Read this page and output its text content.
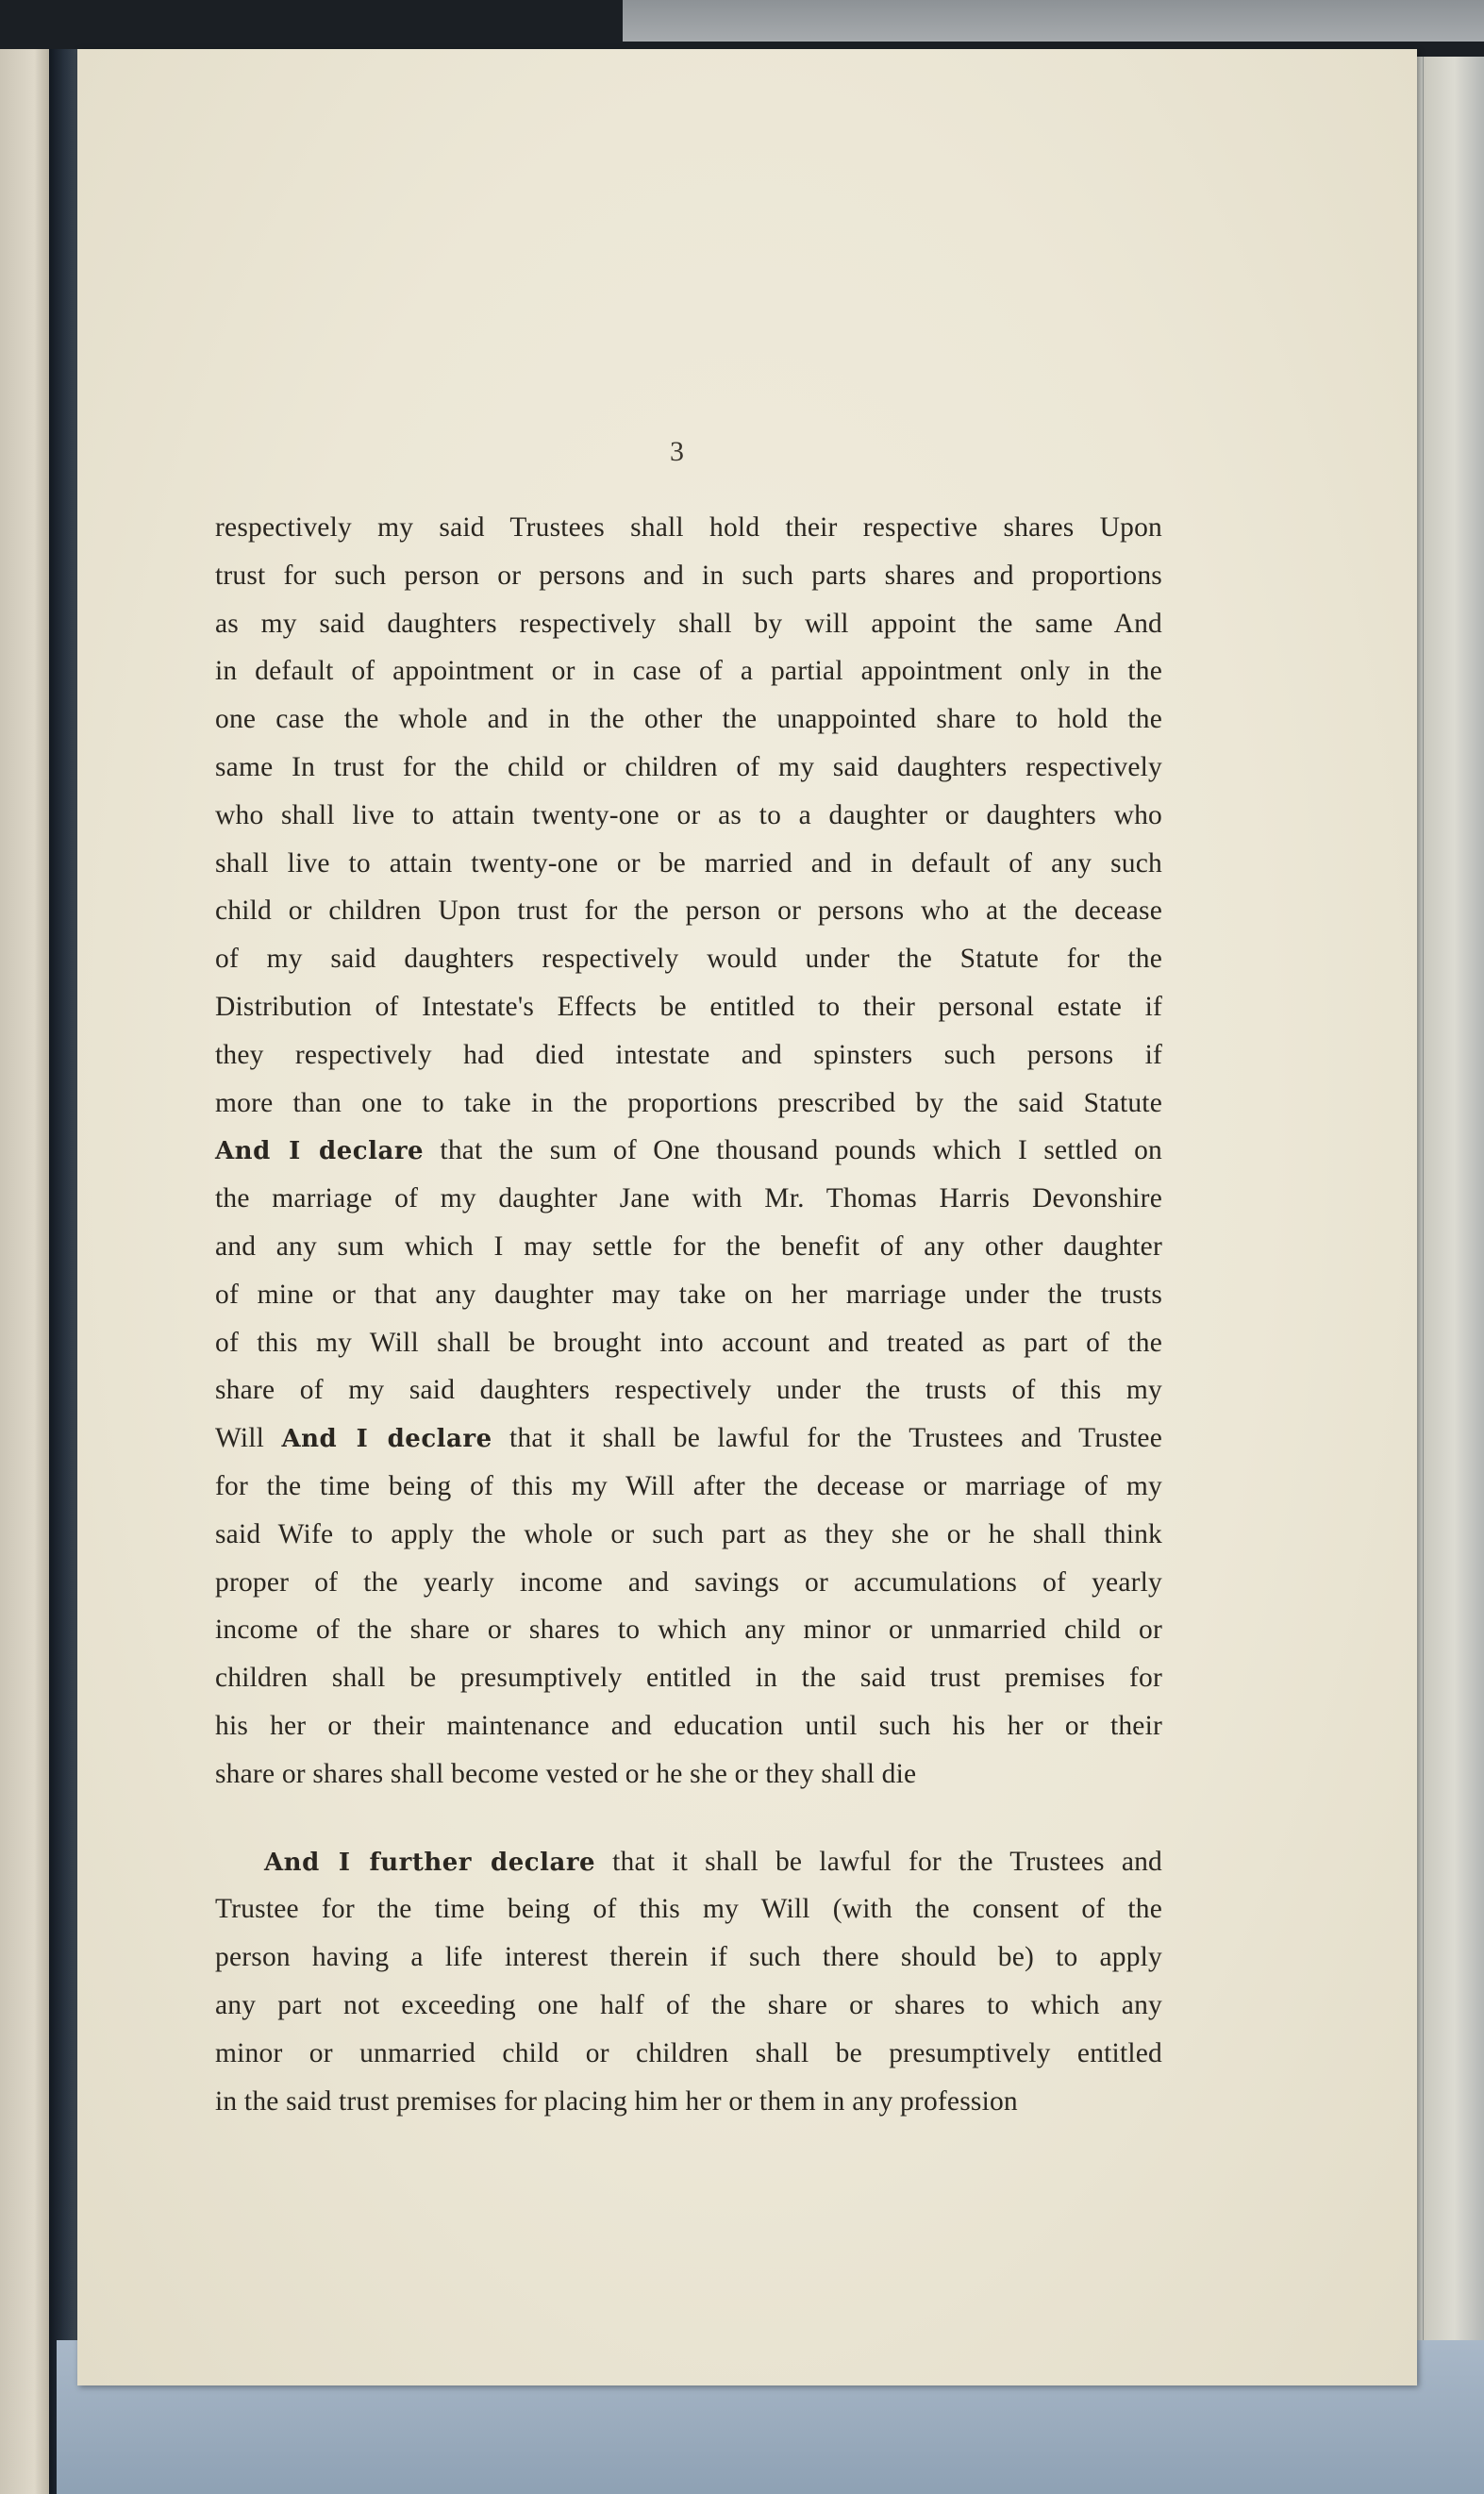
3
respectively my said Trustees shall hold their respective shares Upon
trust for such person or persons and in such parts shares and proportions
as my said daughters respectively shall by will appoint the same And
in default of appointment or in case of a partial appointment only in the
one case the whole and in the other the unappointed share to hold the
same In trust for the child or children of my said daughters respectively
who shall live to attain twenty-one or as to a daughter or daughters who
shall live to attain twenty-one or be married and in default of any such
child or children Upon trust for the person or persons who at the decease
of my said daughters respectively would under the Statute for the
Distribution of Intestate's Effects be entitled to their personal estate if
they respectively had died intestate and spinsters such persons if
more than one to take in the proportions prescribed by the said Statute
And I declare that the sum of One thousand pounds which I settled on
the marriage of my daughter Jane with Mr. Thomas Harris Devonshire
and any sum which I may settle for the benefit of any other daughter
of mine or that any daughter may take on her marriage under the trusts
of this my Will shall be brought into account and treated as part of the
share of my said daughters respectively under the trusts of this my
Will And I declare that it shall be lawful for the Trustees and Trustee
for the time being of this my Will after the decease or marriage of my
said Wife to apply the whole or such part as they she or he shall think
proper of the yearly income and savings or accumulations of yearly
income of the share or shares to which any minor or unmarried child or
children shall be presumptively entitled in the said trust premises for
his her or their maintenance and education until such his her or their
share or shares shall become vested or he she or they shall die
And I further declare that it shall be lawful for the Trustees and
Trustee for the time being of this my Will (with the consent of the
person having a life interest therein if such there should be) to apply
any part not exceeding one half of the share or shares to which any
minor or unmarried child or children shall be presumptively entitled
in the said trust premises for placing him her or them in any profession
